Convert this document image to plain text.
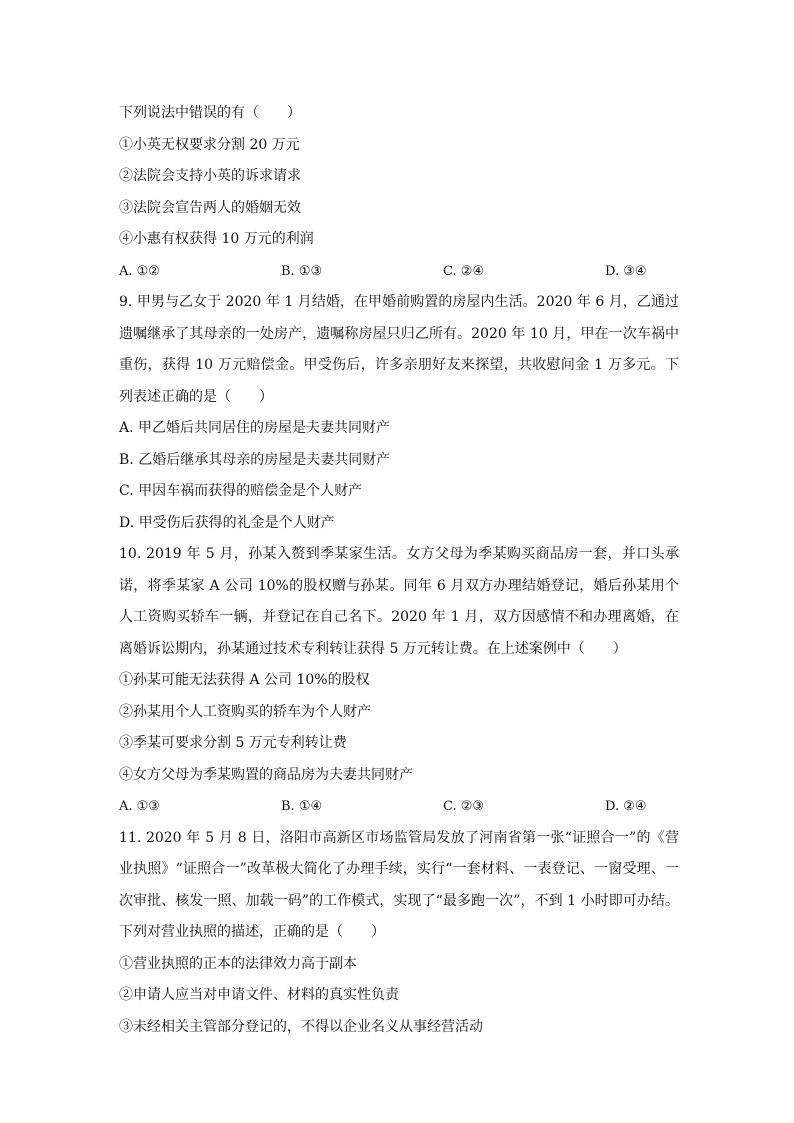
下列说法中错误的有（　　）
①小英无权要求分割 20 万元
②法院会支持小英的诉求请求
③法院会宣告两人的婚姻无效
④小惠有权获得 10 万元的利润
A. ①②	B. ①③	C. ②④	D. ③④
9. 甲男与乙女于 2020 年 1 月结婚，在甲婚前购置的房屋内生活。2020 年 6 月，乙通过遗嘱继承了其母亲的一处房产，遗嘱称房屋只归乙所有。2020 年 10 月，甲在一次车祸中重伤，获得 10 万元赔偿金。甲受伤后，许多亲朋好友来探望，共收慰问金 1 万多元。下列表述正确的是（　　）
A. 甲乙婚后共同居住的房屋是夫妻共同财产
B. 乙婚后继承其母亲的房屋是夫妻共同财产
C. 甲因车祸而获得的赔偿金是个人财产
D. 甲受伤后获得的礼金是个人财产
10. 2019 年 5 月，孙某入赘到季某家生活。女方父母为季某购买商品房一套，并口头承诺，将季某家 A 公司 10%的股权赠与孙某。同年 6 月双方办理结婚登记，婚后孙某用个人工资购买轿车一辆，并登记在自己名下。2020 年 1 月，双方因感情不和办理离婚，在离婚诉讼期内，孙某通过技术专利转让获得 5 万元转让费。在上述案例中（　　）
①孙某可能无法获得 A 公司 10%的股权
②孙某用个人工资购买的轿车为个人财产
③季某可要求分割 5 万元专利转让费
④女方父母为季某购置的商品房为夫妻共同财产
A. ①③	B. ①④	C. ②③	D. ②④
11. 2020 年 5 月 8 日，洛阳市高新区市场监管局发放了河南省第一张“证照合一”的《营业执照》“证照合一”改革极大简化了办理手续，实行“一套材料、一表登记、一窗受理、一次审批、核发一照、加载一码”的工作模式，实现了“最多跑一次”，不到 1 小时即可办结。下列对营业执照的描述，正确的是（　　）
①营业执照的正本的法律效力高于副本
②申请人应当对申请文件、材料的真实性负责
③未经相关主管部分登记的，不得以企业名义从事经营活动
